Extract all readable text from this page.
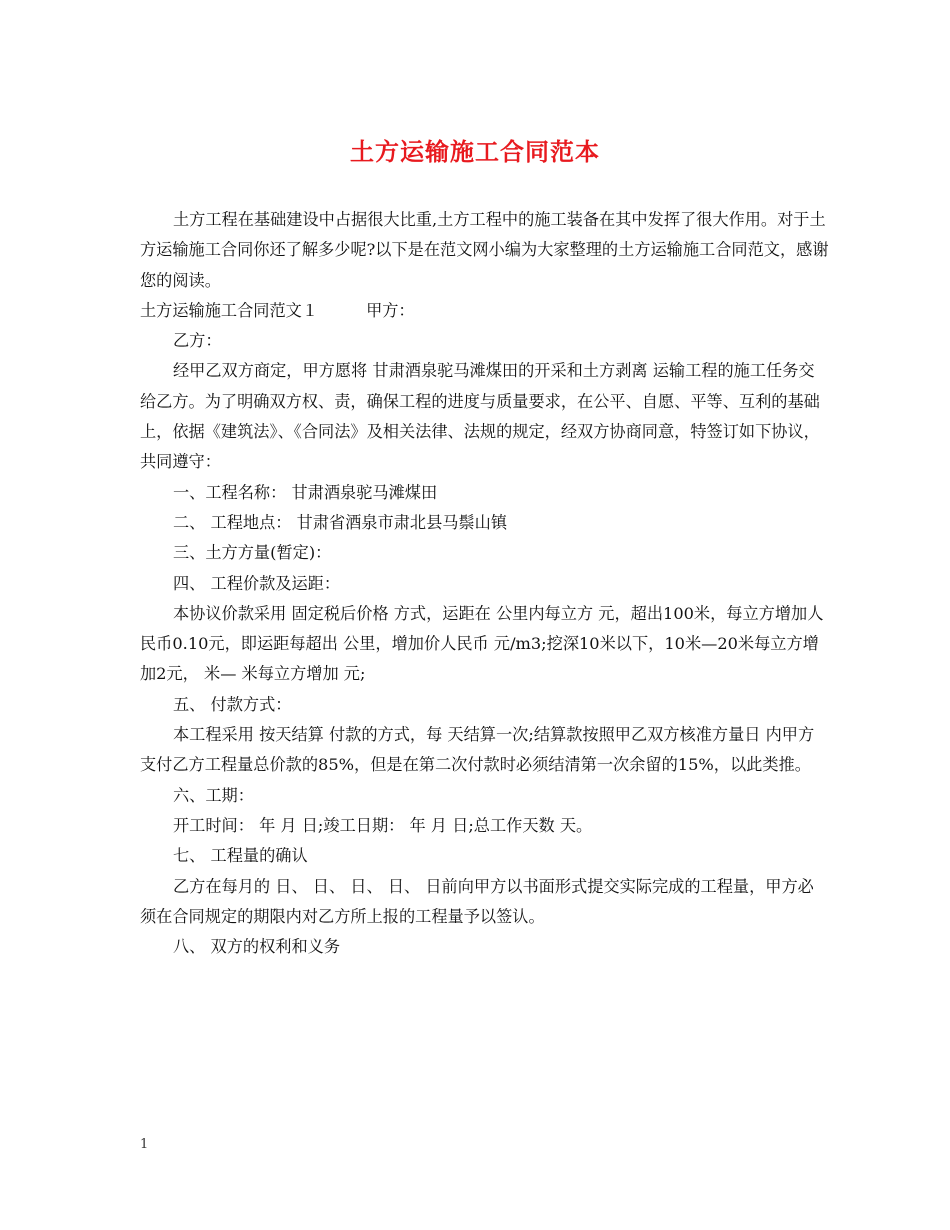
土方运输施工合同范本

土方工程在基础建设中占据很大比重,土方工程中的施工装备在其中发挥了很大作用。对于土方运输施工合同你还了解多少呢?以下是在范文网小编为大家整理的土方运输施工合同范文，感谢您的阅读。

土方运输施工合同范文１	甲方：

乙方：

经甲乙双方商定，甲方愿将 甘肃酒泉驼马滩煤田的开采和土方剥离 运输工程的施工任务交给乙方。为了明确双方权、责，确保工程的进度与质量要求，在公平、自愿、平等、互利的基础上，依据《建筑法》、《合同法》及相关法律、法规的规定，经双方协商同意，特签订如下协议，共同遵守：

一、工程名称： 甘肃酒泉驼马滩煤田

二、 工程地点： 甘肃省酒泉市肃北县马鬃山镇

三、土方方量(暂定)：

四、 工程价款及运距：

本协议价款采用 固定税后价格 方式，运距在 公里内每立方 元，超出100米，每立方增加人民币0.10元，即运距每超出 公里，增加价人民币 元/m3;挖深10米以下，10米—20米每立方增加2元， 米— 米每立方增加 元;

五、 付款方式：

本工程采用 按天结算 付款的方式，每 天结算一次;结算款按照甲乙双方核准方量日 内甲方支付乙方工程量总价款的85%，但是在第二次付款时必须结清第一次余留的15%，以此类推。

六、工期：

开工时间： 年 月 日;竣工日期： 年 月 日;总工作天数 天。

七、 工程量的确认

乙方在每月的 日、 日、 日、 日、 日前向甲方以书面形式提交实际完成的工程量，甲方必须在合同规定的期限内对乙方所上报的工程量予以签认。

八、 双方的权利和义务

1
